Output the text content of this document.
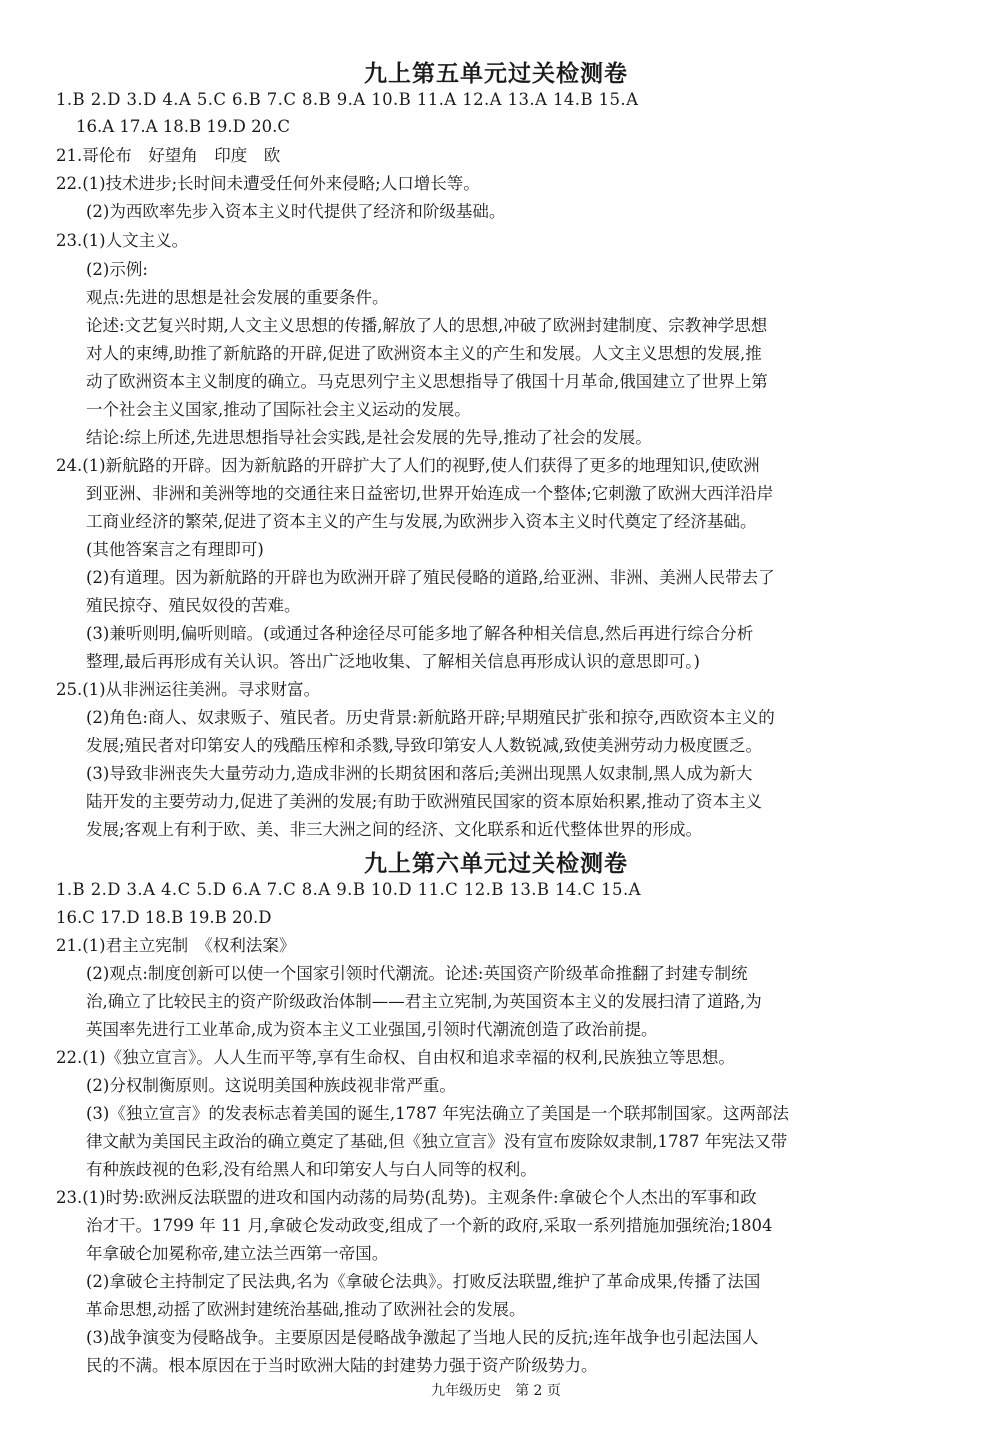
九上第五单元过关检测卷
1.B 2.D 3.D 4.A 5.C 6.B 7.C 8.B 9.A 10.B 11.A 12.A 13.A 14.B 15.A
16.A 17.A 18.B 19.D 20.C
21.哥伦布　好望角　印度　欧
22.(1)技术进步;长时间未遭受任何外来侵略;人口增长等。
(2)为西欧率先步入资本主义时代提供了经济和阶级基础。
23.(1)人文主义。
(2)示例:
观点:先进的思想是社会发展的重要条件。
论述:文艺复兴时期,人文主义思想的传播,解放了人的思想,冲破了欧洲封建制度、宗教神学思想
对人的束缚,助推了新航路的开辟,促进了欧洲资本主义的产生和发展。人文主义思想的发展,推
动了欧洲资本主义制度的确立。马克思列宁主义思想指导了俄国十月革命,俄国建立了世界上第
一个社会主义国家,推动了国际社会主义运动的发展。
结论:综上所述,先进思想指导社会实践,是社会发展的先导,推动了社会的发展。
24.(1)新航路的开辟。因为新航路的开辟扩大了人们的视野,使人们获得了更多的地理知识,使欧洲
到亚洲、非洲和美洲等地的交通往来日益密切,世界开始连成一个整体;它刺激了欧洲大西洋沿岸
工商业经济的繁荣,促进了资本主义的产生与发展,为欧洲步入资本主义时代奠定了经济基础。
(其他答案言之有理即可)
(2)有道理。因为新航路的开辟也为欧洲开辟了殖民侵略的道路,给亚洲、非洲、美洲人民带去了
殖民掠夺、殖民奴役的苦难。
(3)兼听则明,偏听则暗。(或通过各种途径尽可能多地了解各种相关信息,然后再进行综合分析
整理,最后再形成有关认识。答出广泛地收集、了解相关信息再形成认识的意思即可。)
25.(1)从非洲运往美洲。寻求财富。
(2)角色:商人、奴隶贩子、殖民者。历史背景:新航路开辟;早期殖民扩张和掠夺,西欧资本主义的
发展;殖民者对印第安人的残酷压榨和杀戮,导致印第安人人数锐减,致使美洲劳动力极度匮乏。
(3)导致非洲丧失大量劳动力,造成非洲的长期贫困和落后;美洲出现黑人奴隶制,黑人成为新大
陆开发的主要劳动力,促进了美洲的发展;有助于欧洲殖民国家的资本原始积累,推动了资本主义
发展;客观上有利于欧、美、非三大洲之间的经济、文化联系和近代整体世界的形成。
九上第六单元过关检测卷
1.B 2.D 3.A 4.C 5.D 6.A 7.C 8.A 9.B 10.D 11.C 12.B 13.B 14.C 15.A
16.C 17.D 18.B 19.B 20.D
21.(1)君主立宪制　《权利法案》
(2)观点:制度创新可以使一个国家引领时代潮流。论述:英国资产阶级革命推翻了封建专制统
治,确立了比较民主的资产阶级政治体制——君主立宪制,为英国资本主义的发展扫清了道路,为
英国率先进行工业革命,成为资本主义工业强国,引领时代潮流创造了政治前提。
22.(1)《独立宣言》。人人生而平等,享有生命权、自由权和追求幸福的权利,民族独立等思想。
(2)分权制衡原则。这说明美国种族歧视非常严重。
(3)《独立宣言》的发表标志着美国的诞生,1787 年宪法确立了美国是一个联邦制国家。这两部法
律文献为美国民主政治的确立奠定了基础,但《独立宣言》没有宣布废除奴隶制,1787 年宪法又带
有种族歧视的色彩,没有给黑人和印第安人与白人同等的权利。
23.(1)时势:欧洲反法联盟的进攻和国内动荡的局势(乱势)。主观条件:拿破仑个人杰出的军事和政
治才干。1799 年 11 月,拿破仑发动政变,组成了一个新的政府,采取一系列措施加强统治;1804
年拿破仑加冕称帝,建立法兰西第一帝国。
(2)拿破仑主持制定了民法典,名为《拿破仑法典》。打败反法联盟,维护了革命成果,传播了法国
革命思想,动摇了欧洲封建统治基础,推动了欧洲社会的发展。
(3)战争演变为侵略战争。主要原因是侵略战争激起了当地人民的反抗;连年战争也引起法国人
民的不满。根本原因在于当时欧洲大陆的封建势力强于资产阶级势力。
九年级历史　第 2 页
